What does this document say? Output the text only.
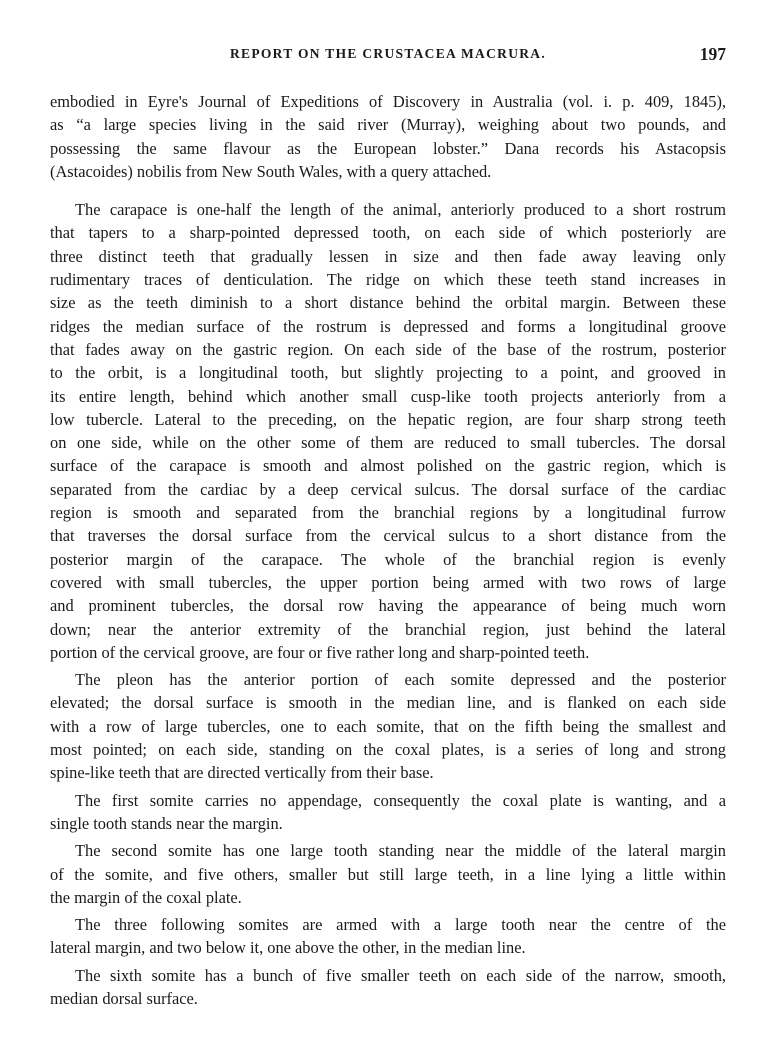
REPORT ON THE CRUSTACEA MACRURA.	197
embodied in Eyre's Journal of Expeditions of Discovery in Australia (vol. i. p. 409, 1845),
as “a large species living in the said river (Murray), weighing about two pounds, and
possessing the same flavour as the European lobster.” Dana records his Astacopsis
(Astacoides) nobilis from New South Wales, with a query attached.
The carapace is one-half the length of the animal, anteriorly produced to a short rostrum
that tapers to a sharp-pointed depressed tooth, on each side of which posteriorly are
three distinct teeth that gradually lessen in size and then fade away leaving only
rudimentary traces of denticulation. The ridge on which these teeth stand increases in
size as the teeth diminish to a short distance behind the orbital margin. Between these
ridges the median surface of the rostrum is depressed and forms a longitudinal groove
that fades away on the gastric region. On each side of the base of the rostrum, posterior
to the orbit, is a longitudinal tooth, but slightly projecting to a point, and grooved in
its entire length, behind which another small cusp-like tooth projects anteriorly from a
low tubercle. Lateral to the preceding, on the hepatic region, are four sharp strong teeth
on one side, while on the other some of them are reduced to small tubercles. The dorsal
surface of the carapace is smooth and almost polished on the gastric region, which is
separated from the cardiac by a deep cervical sulcus. The dorsal surface of the cardiac
region is smooth and separated from the branchial regions by a longitudinal furrow
that traverses the dorsal surface from the cervical sulcus to a short distance from the
posterior margin of the carapace. The whole of the branchial region is evenly
covered with small tubercles, the upper portion being armed with two rows of large
and prominent tubercles, the dorsal row having the appearance of being much worn
down; near the anterior extremity of the branchial region, just behind the lateral
portion of the cervical groove, are four or five rather long and sharp-pointed teeth.
The pleon has the anterior portion of each somite depressed and the posterior
elevated; the dorsal surface is smooth in the median line, and is flanked on each side
with a row of large tubercles, one to each somite, that on the fifth being the smallest and
most pointed; on each side, standing on the coxal plates, is a series of long and strong
spine-like teeth that are directed vertically from their base.
The first somite carries no appendage, consequently the coxal plate is wanting, and a
single tooth stands near the margin.
The second somite has one large tooth standing near the middle of the lateral margin
of the somite, and five others, smaller but still large teeth, in a line lying a little within
the margin of the coxal plate.
The three following somites are armed with a large tooth near the centre of the
lateral margin, and two below it, one above the other, in the median line.
The sixth somite has a bunch of five smaller teeth on each side of the narrow, smooth,
median dorsal surface.
